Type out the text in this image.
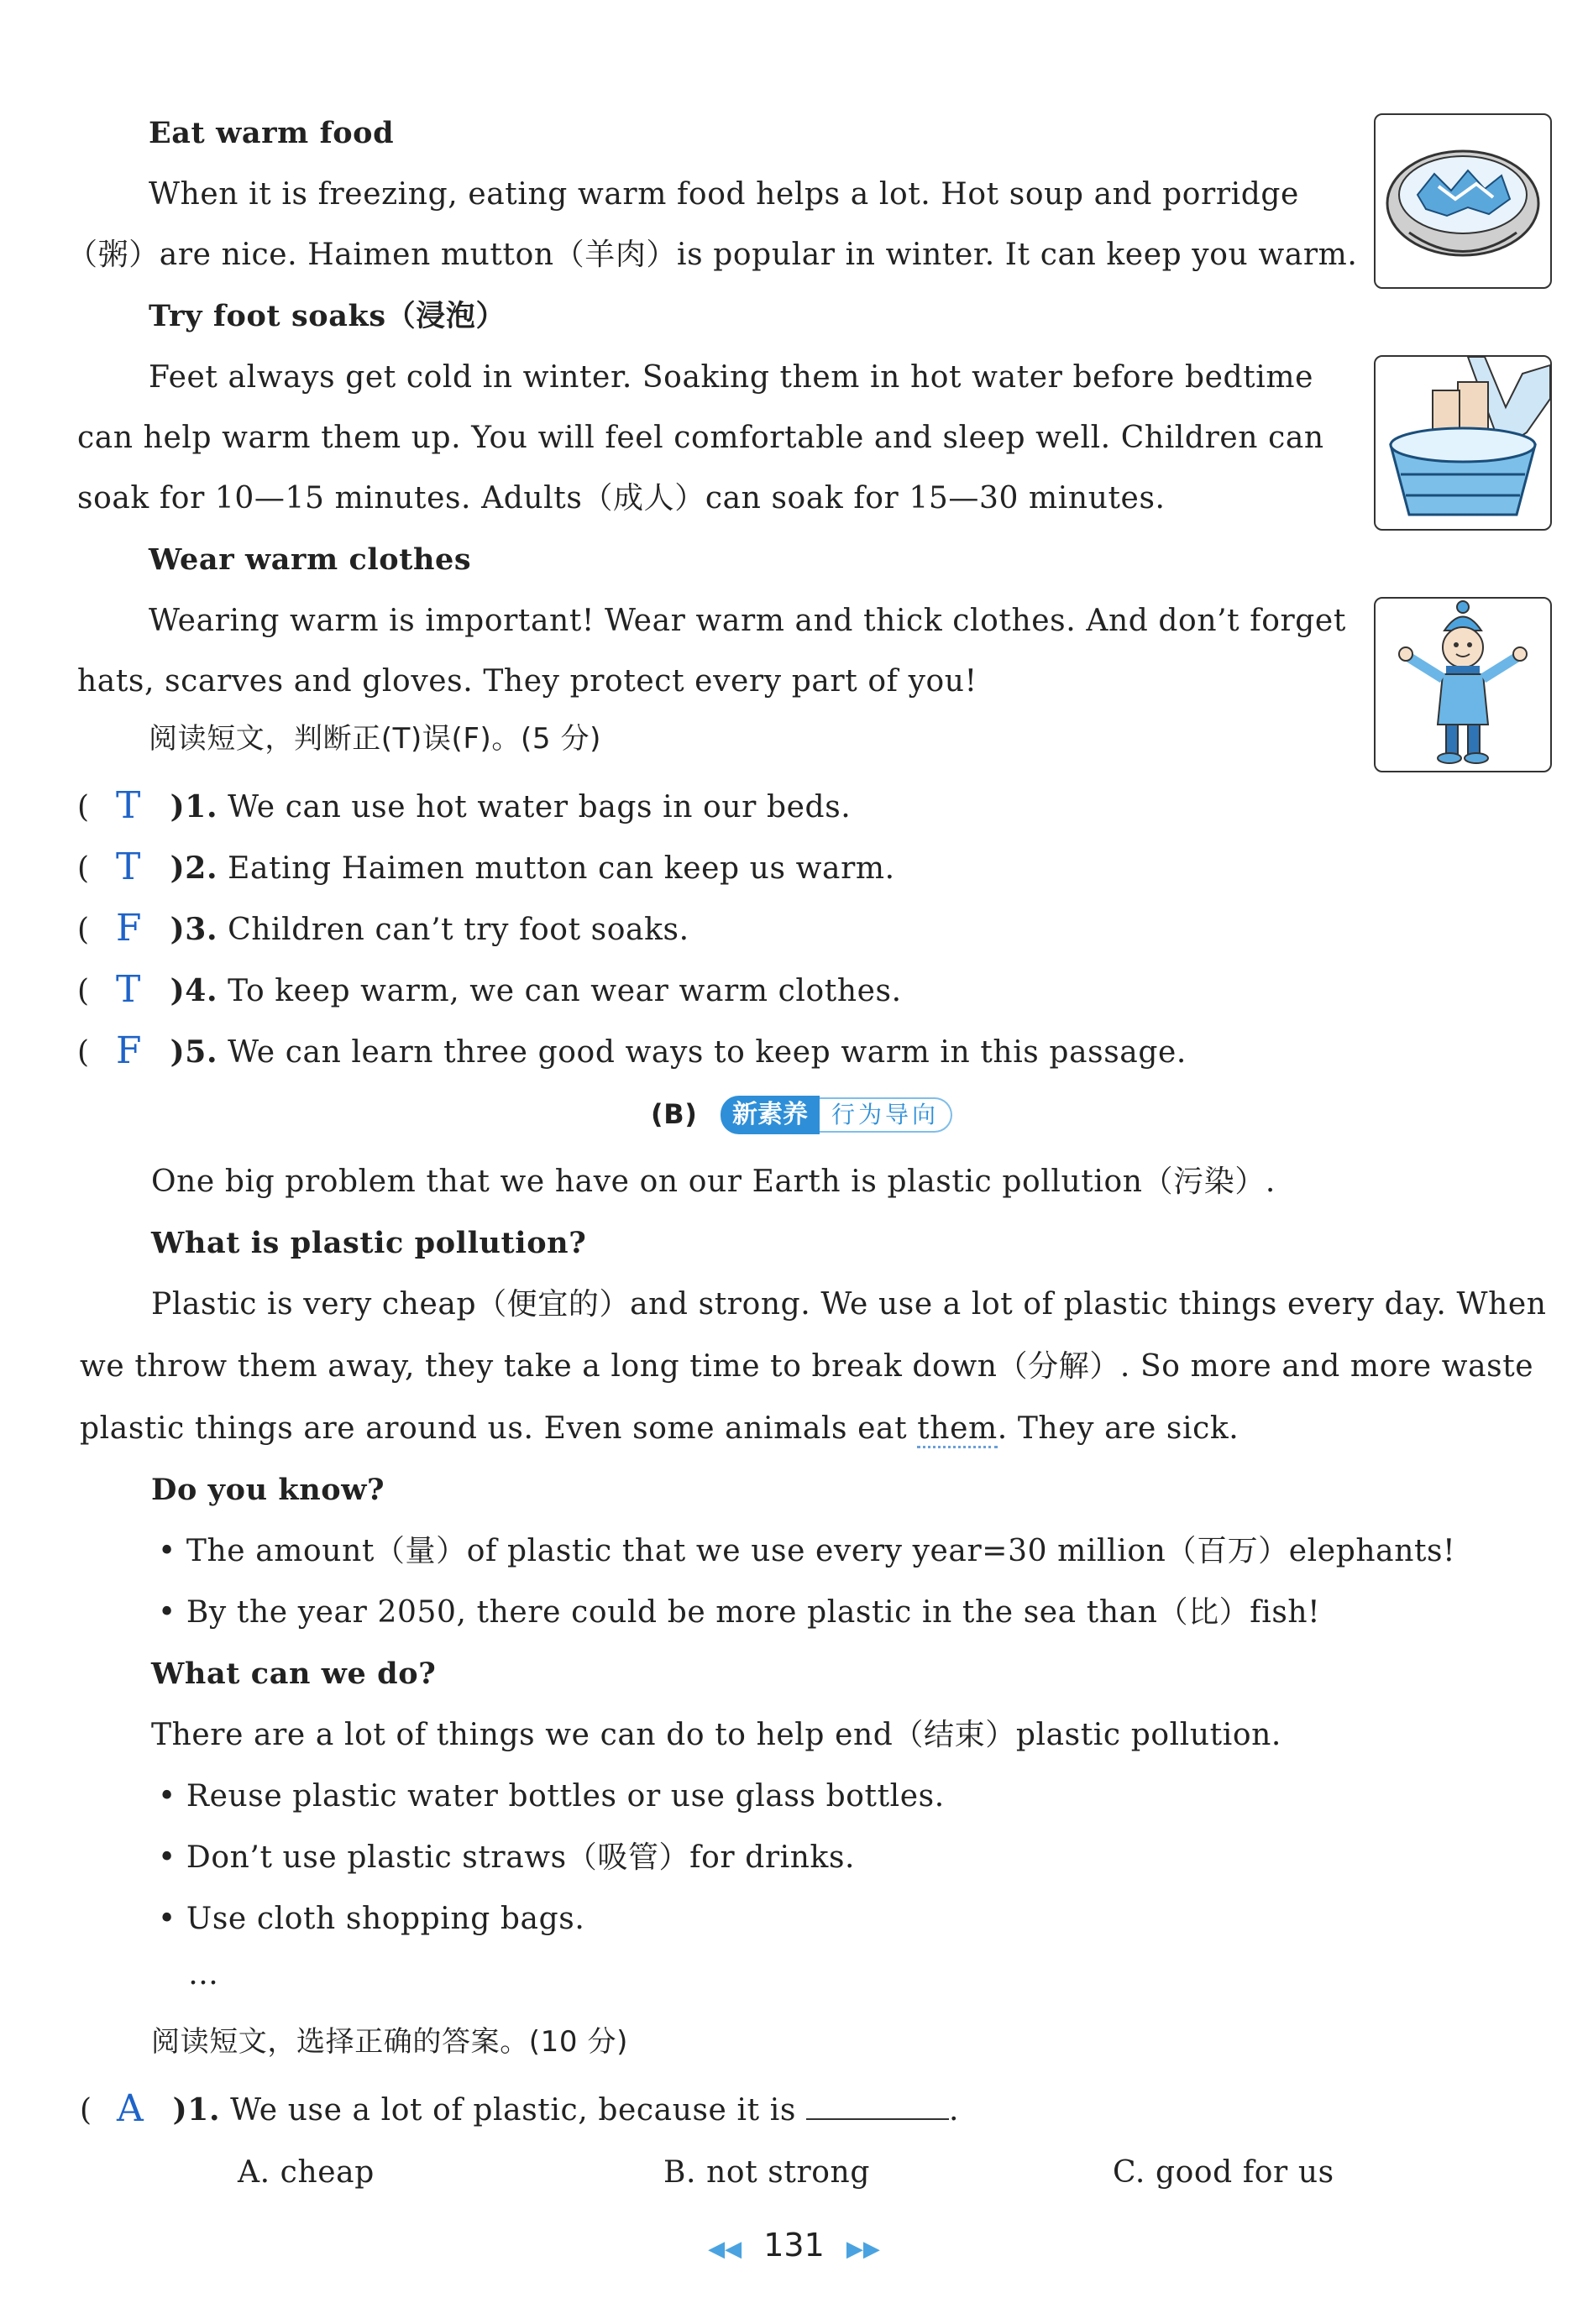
Eat warm food
When it is freezing, eating warm food helps a lot. Hot soup and porridge
（粥）are nice. Haimen mutton（羊肉）is popular in winter. It can keep you warm.
Try foot soaks（浸泡）
Feet always get cold in winter. Soaking them in hot water before bedtime
can help warm them up. You will feel comfortable and sleep well. Children can
soak for 10—15 minutes. Adults（成人）can soak for 15—30 minutes.
Wear warm clothes
Wearing warm is important! Wear warm and thick clothes. And don’t forget
hats, scarves and gloves. They protect every part of you!
阅读短文，判断正(T)误(F)。(5 分)
( T )1. We can use hot water bags in our beds.
( T )2. Eating Haimen mutton can keep us warm.
( F )3. Children can’t try foot soaks.
( T )4. To keep warm, we can wear warm clothes.
( F )5. We can learn three good ways to keep warm in this passage.
(B)	新素养	行为导向
One big problem that we have on our Earth is plastic pollution（污染）.
What is plastic pollution?
Plastic is very cheap（便宜的）and strong. We use a lot of plastic things every day. When
we throw them away, they take a long time to break down（分解）. So more and more waste
plastic things are around us. Even some animals eat them. They are sick.
Do you know?
• The amount（量）of plastic that we use every year=30 million（百万）elephants!
• By the year 2050, there could be more plastic in the sea than（比）fish!
What can we do?
There are a lot of things we can do to help end（结束）plastic pollution.
• Reuse plastic water bottles or use glass bottles.
• Don’t use plastic straws（吸管）for drinks.
• Use cloth shopping bags.
…
阅读短文，选择正确的答案。(10 分)
( A )1. We use a lot of plastic, because it is	.
A. cheap	B. not strong	C. good for us
◀◀ 131 ▶▶
